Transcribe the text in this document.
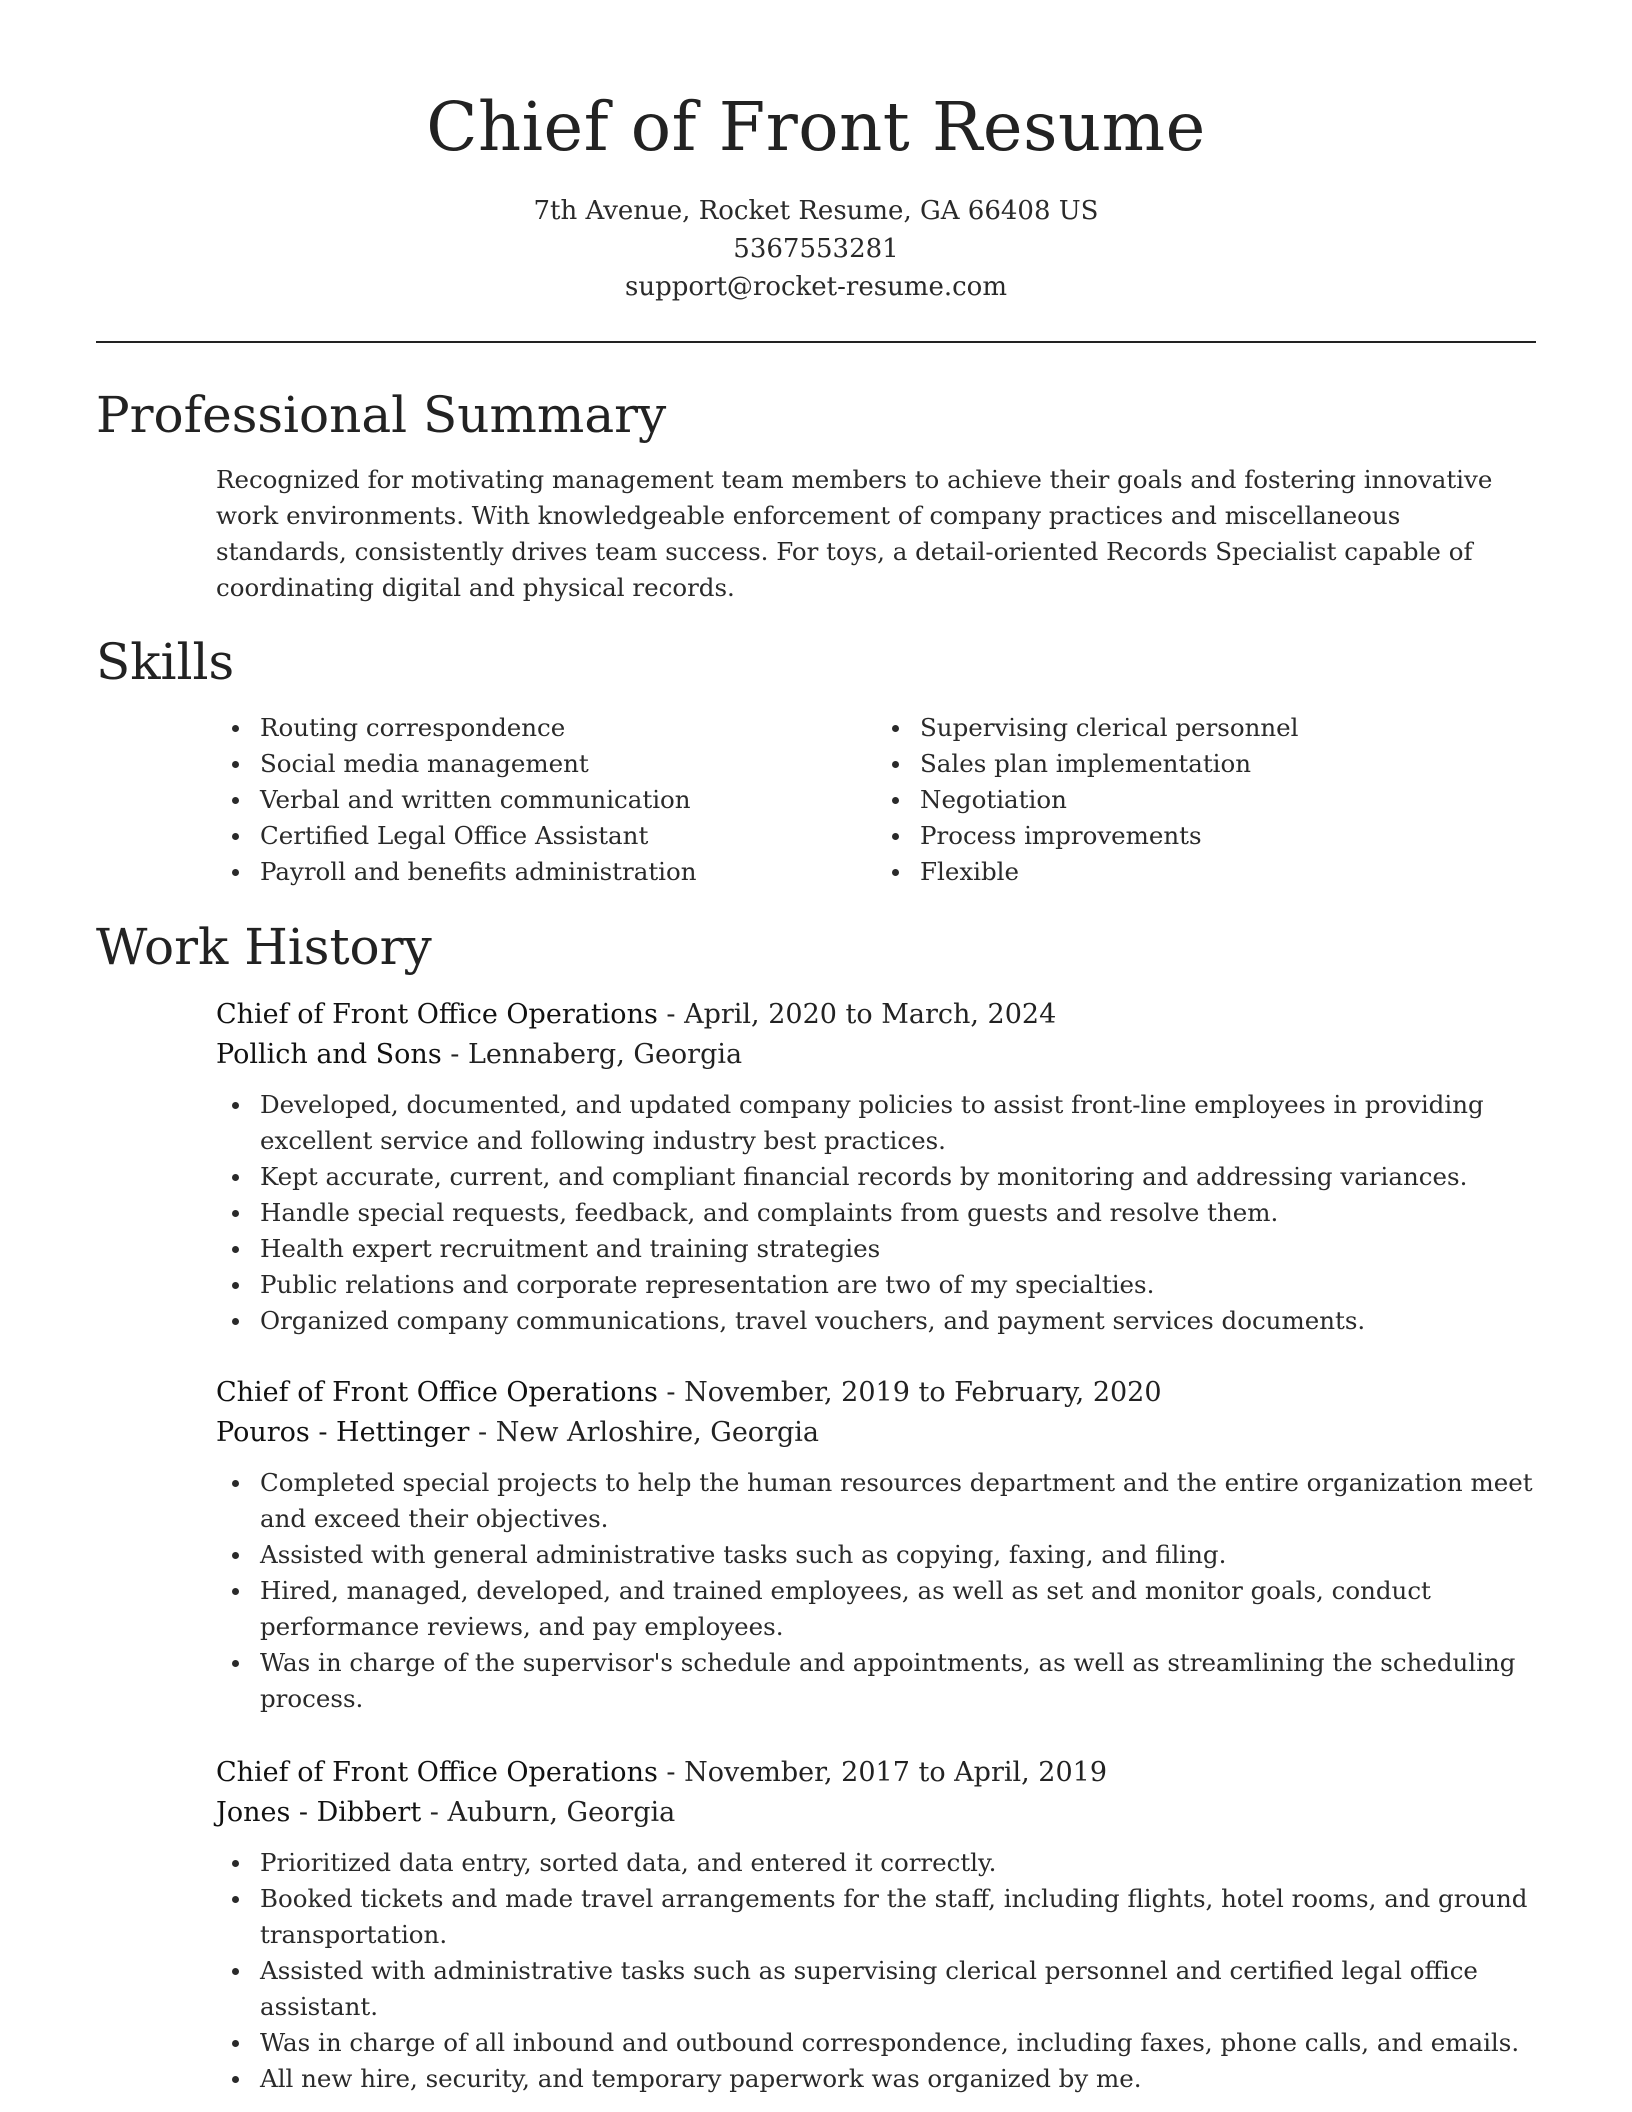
Chief of Front Resume
7th Avenue, Rocket Resume, GA 66408 US
5367553281
support@rocket-resume.com
Professional Summary

Recognized for motivating management team members to achieve their goals and fostering innovative work environments. With knowledgeable enforcement of company practices and miscellaneous standards, consistently drives team success. For toys, a detail-oriented Records Specialist capable of coordinating digital and physical records.

Skills
Routing correspondence
Social media management
Verbal and written communication
Certified Legal Office Assistant
Payroll and benefits administration
Supervising clerical personnel
Sales plan implementation
Negotiation
Process improvements
Flexible
Work History

Chief of Front Office Operations - April, 2020 to March, 2024

Pollich and Sons - Lennaberg, Georgia

Developed, documented, and updated company policies to assist front-line employees in providing excellent service and following industry best practices.
Kept accurate, current, and compliant financial records by monitoring and addressing variances.
Handle special requests, feedback, and complaints from guests and resolve them.
Health expert recruitment and training strategies
Public relations and corporate representation are two of my specialties.
Organized company communications, travel vouchers, and payment services documents.

Chief of Front Office Operations - November, 2019 to February, 2020

Pouros - Hettinger - New Arloshire, Georgia

Completed special projects to help the human resources department and the entire organization meet and exceed their objectives.
Assisted with general administrative tasks such as copying, faxing, and filing.
Hired, managed, developed, and trained employees, as well as set and monitor goals, conduct performance reviews, and pay employees.
Was in charge of the supervisor's schedule and appointments, as well as streamlining the scheduling process.

Chief of Front Office Operations - November, 2017 to April, 2019

Jones - Dibbert - Auburn, Georgia

Prioritized data entry, sorted data, and entered it correctly.
Booked tickets and made travel arrangements for the staff, including flights, hotel rooms, and ground transportation.
Assisted with administrative tasks such as supervising clerical personnel and certified legal office assistant.
Was in charge of all inbound and outbound correspondence, including faxes, phone calls, and emails.
All new hire, security, and temporary paperwork was organized by me.
